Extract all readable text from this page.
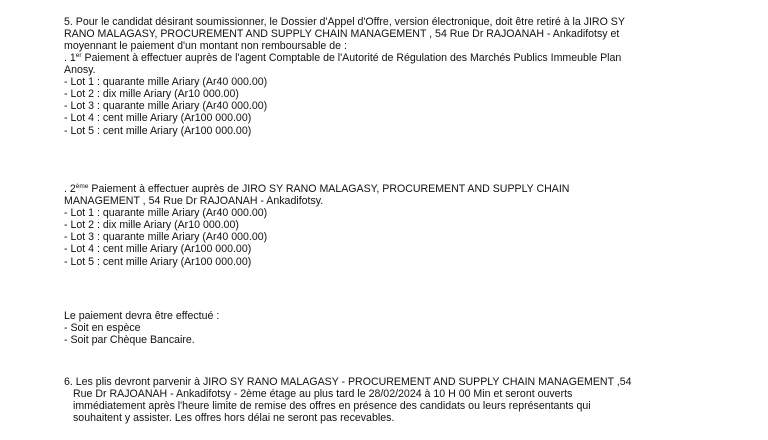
5. Pour le candidat désirant soumissionner, le Dossier d'Appel d'Offre, version électronique, doit être retiré à la JIRO SY
RANO MALAGASY, PROCUREMENT AND SUPPLY CHAIN MANAGEMENT , 54 Rue Dr RAJOANAH - Ankadifotsy et
moyennant le paiement d'un montant non remboursable de :
. 1er Paiement à effectuer auprès de l'agent Comptable de l'Autorité de Régulation des Marchés Publics Immeuble Plan
Anosy.
- Lot 1 : quarante mille Ariary (Ar40 000.00)
- Lot 2 : dix mille Ariary (Ar10 000.00)
- Lot 3 : quarante mille Ariary (Ar40 000.00)
- Lot 4 : cent mille Ariary (Ar100 000.00)
- Lot 5 : cent mille Ariary (Ar100 000.00)
. 2ème Paiement à effectuer auprès de JIRO SY RANO MALAGASY, PROCUREMENT AND SUPPLY CHAIN
MANAGEMENT , 54 Rue Dr RAJOANAH - Ankadifotsy.
- Lot 1 : quarante mille Ariary (Ar40 000.00)
- Lot 2 : dix mille Ariary (Ar10 000.00)
- Lot 3 : quarante mille Ariary (Ar40 000.00)
- Lot 4 : cent mille Ariary (Ar100 000.00)
- Lot 5 : cent mille Ariary (Ar100 000.00)
Le paiement devra être effectué :
- Soit en espèce
- Soit par Chèque Bancaire.
6. Les plis devront parvenir à JIRO SY RANO MALAGASY - PROCUREMENT AND SUPPLY CHAIN MANAGEMENT ,54
Rue Dr RAJOANAH - Ankadifotsy - 2ème étage au plus tard le 28/02/2024 à 10 H 00 Min et seront ouverts
immédiatement après l'heure limite de remise des offres en présence des candidats ou leurs représentants qui
souhaitent y assister. Les offres hors délai ne seront pas recevables.
